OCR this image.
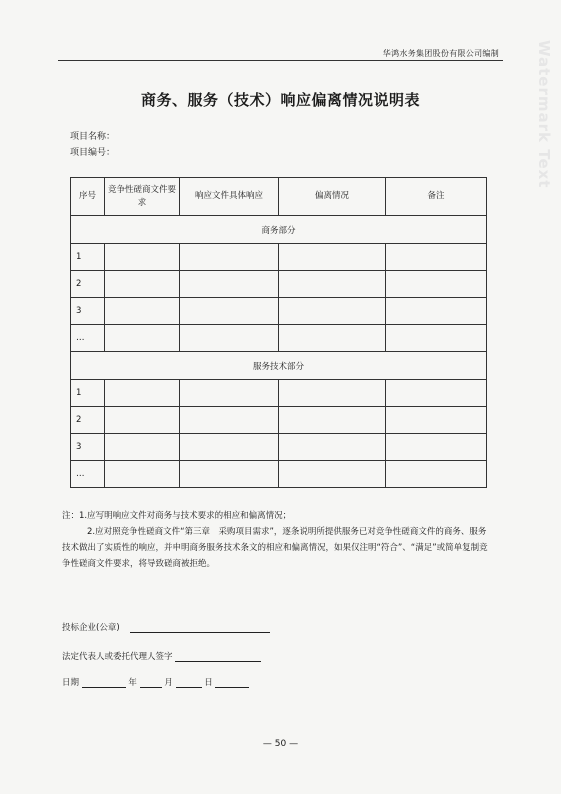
Watermark Text
华鸿水务集团股份有限公司编制
商务、服务（技术）响应偏离情况说明表
项目名称：
项目编号：
序号	竞争性磋商文件要求	响应文件具体响应	偏离情况	备注
商务部分				
1				
2				
3				
…				
服务技术部分				
1				
2				
3				
…				
注：1.应写明响应文件对商务与技术要求的相应和偏离情况；
2.应对照竞争性磋商文件“第三章　采购项目需求”，逐条说明所提供服务已对竞争性磋商文件的商务、服务技术做出了实质性的响应，并申明商务服务技术条文的相应和偏离情况，如果仅注明“符合”、“满足”或简单复制竞争性磋商文件要求，将导致磋商被拒绝。
投标企业(公章)
法定代表人或委托代理人签字
日期	年	月	日
— 50 —
